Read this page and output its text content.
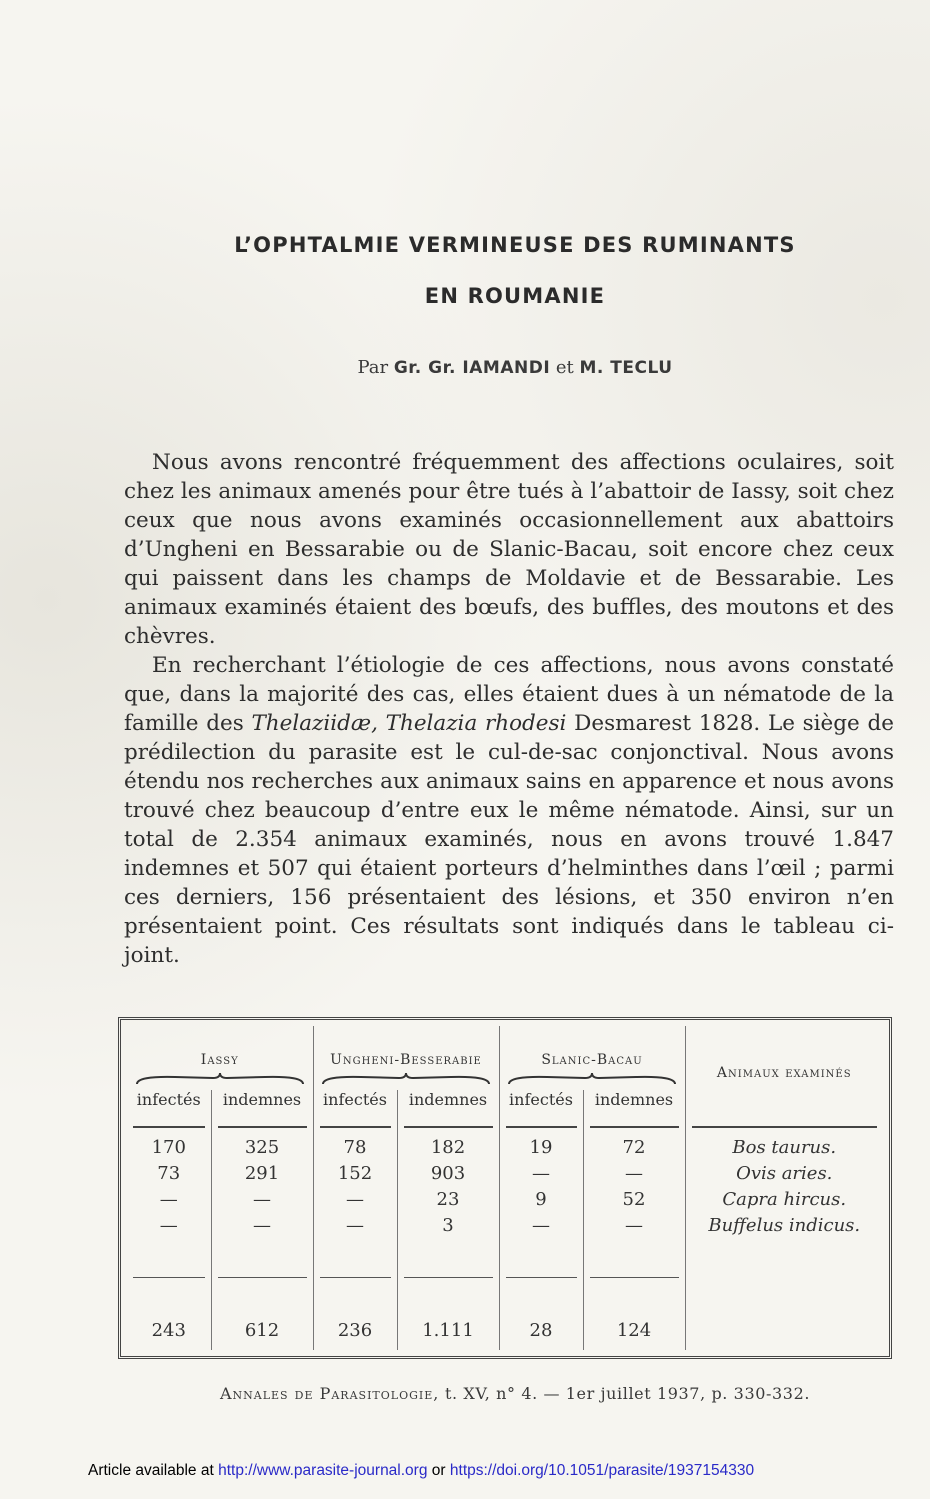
L’OPHTALMIE VERMINEUSE DES RUMINANTS
EN ROUMANIE
Par Gr. Gr. IAMANDI et M. TECLU

Nous avons rencontré fréquemment des affections oculaires, soit chez les animaux amenés pour être tués à l’abattoir de Iassy, soit chez ceux que nous avons examinés occasionnellement aux abattoirs d’Ungheni en Bessarabie ou de Slanic-Bacau, soit encore chez ceux qui paissent dans les champs de Moldavie et de Bessarabie. Les animaux examinés étaient des bœufs, des buffles, des moutons et des chèvres.

En recherchant l’étiologie de ces affections, nous avons constaté que, dans la majorité des cas, elles étaient dues à un nématode de la famille des Thelaziidæ, Thelazia rhodesi Desmarest 1828. Le siège de prédilection du parasite est le cul-de-sac conjonctival. Nous avons étendu nos recherches aux animaux sains en apparence et nous avons trouvé chez beaucoup d’entre eux le même nématode. Ainsi, sur un total de 2.354 animaux examinés, nous en avons trouvé 1.847 indemnes et 507 qui étaient porteurs d’helminthes dans l’œil ; parmi ces derniers, 156 présentaient des lésions, et 350 environ n’en présentaient point. Ces résultats sont indiqués dans le tableau ci-joint.

Iassy		Ungheni-Besserabie		Slanic-Bacau		Animaux examinés

infectés	indemnes	infectés	indemnes	infectés	indemnes	

170	325	78	182	19	72	Bos taurus.
73	291	152	903	—	—	Ovis aries.
—	—	—	23	9	52	Capra hircus.
—	—	—	3	—	—	Buffelus indicus.

243	612	236	1.111	28	124	
Annales de Parasitologie, t. XV, n° 4. — 1er juillet 1937, p. 330-332.
Article available at http://www.parasite-journal.org or https://doi.org/10.1051/parasite/1937154330
